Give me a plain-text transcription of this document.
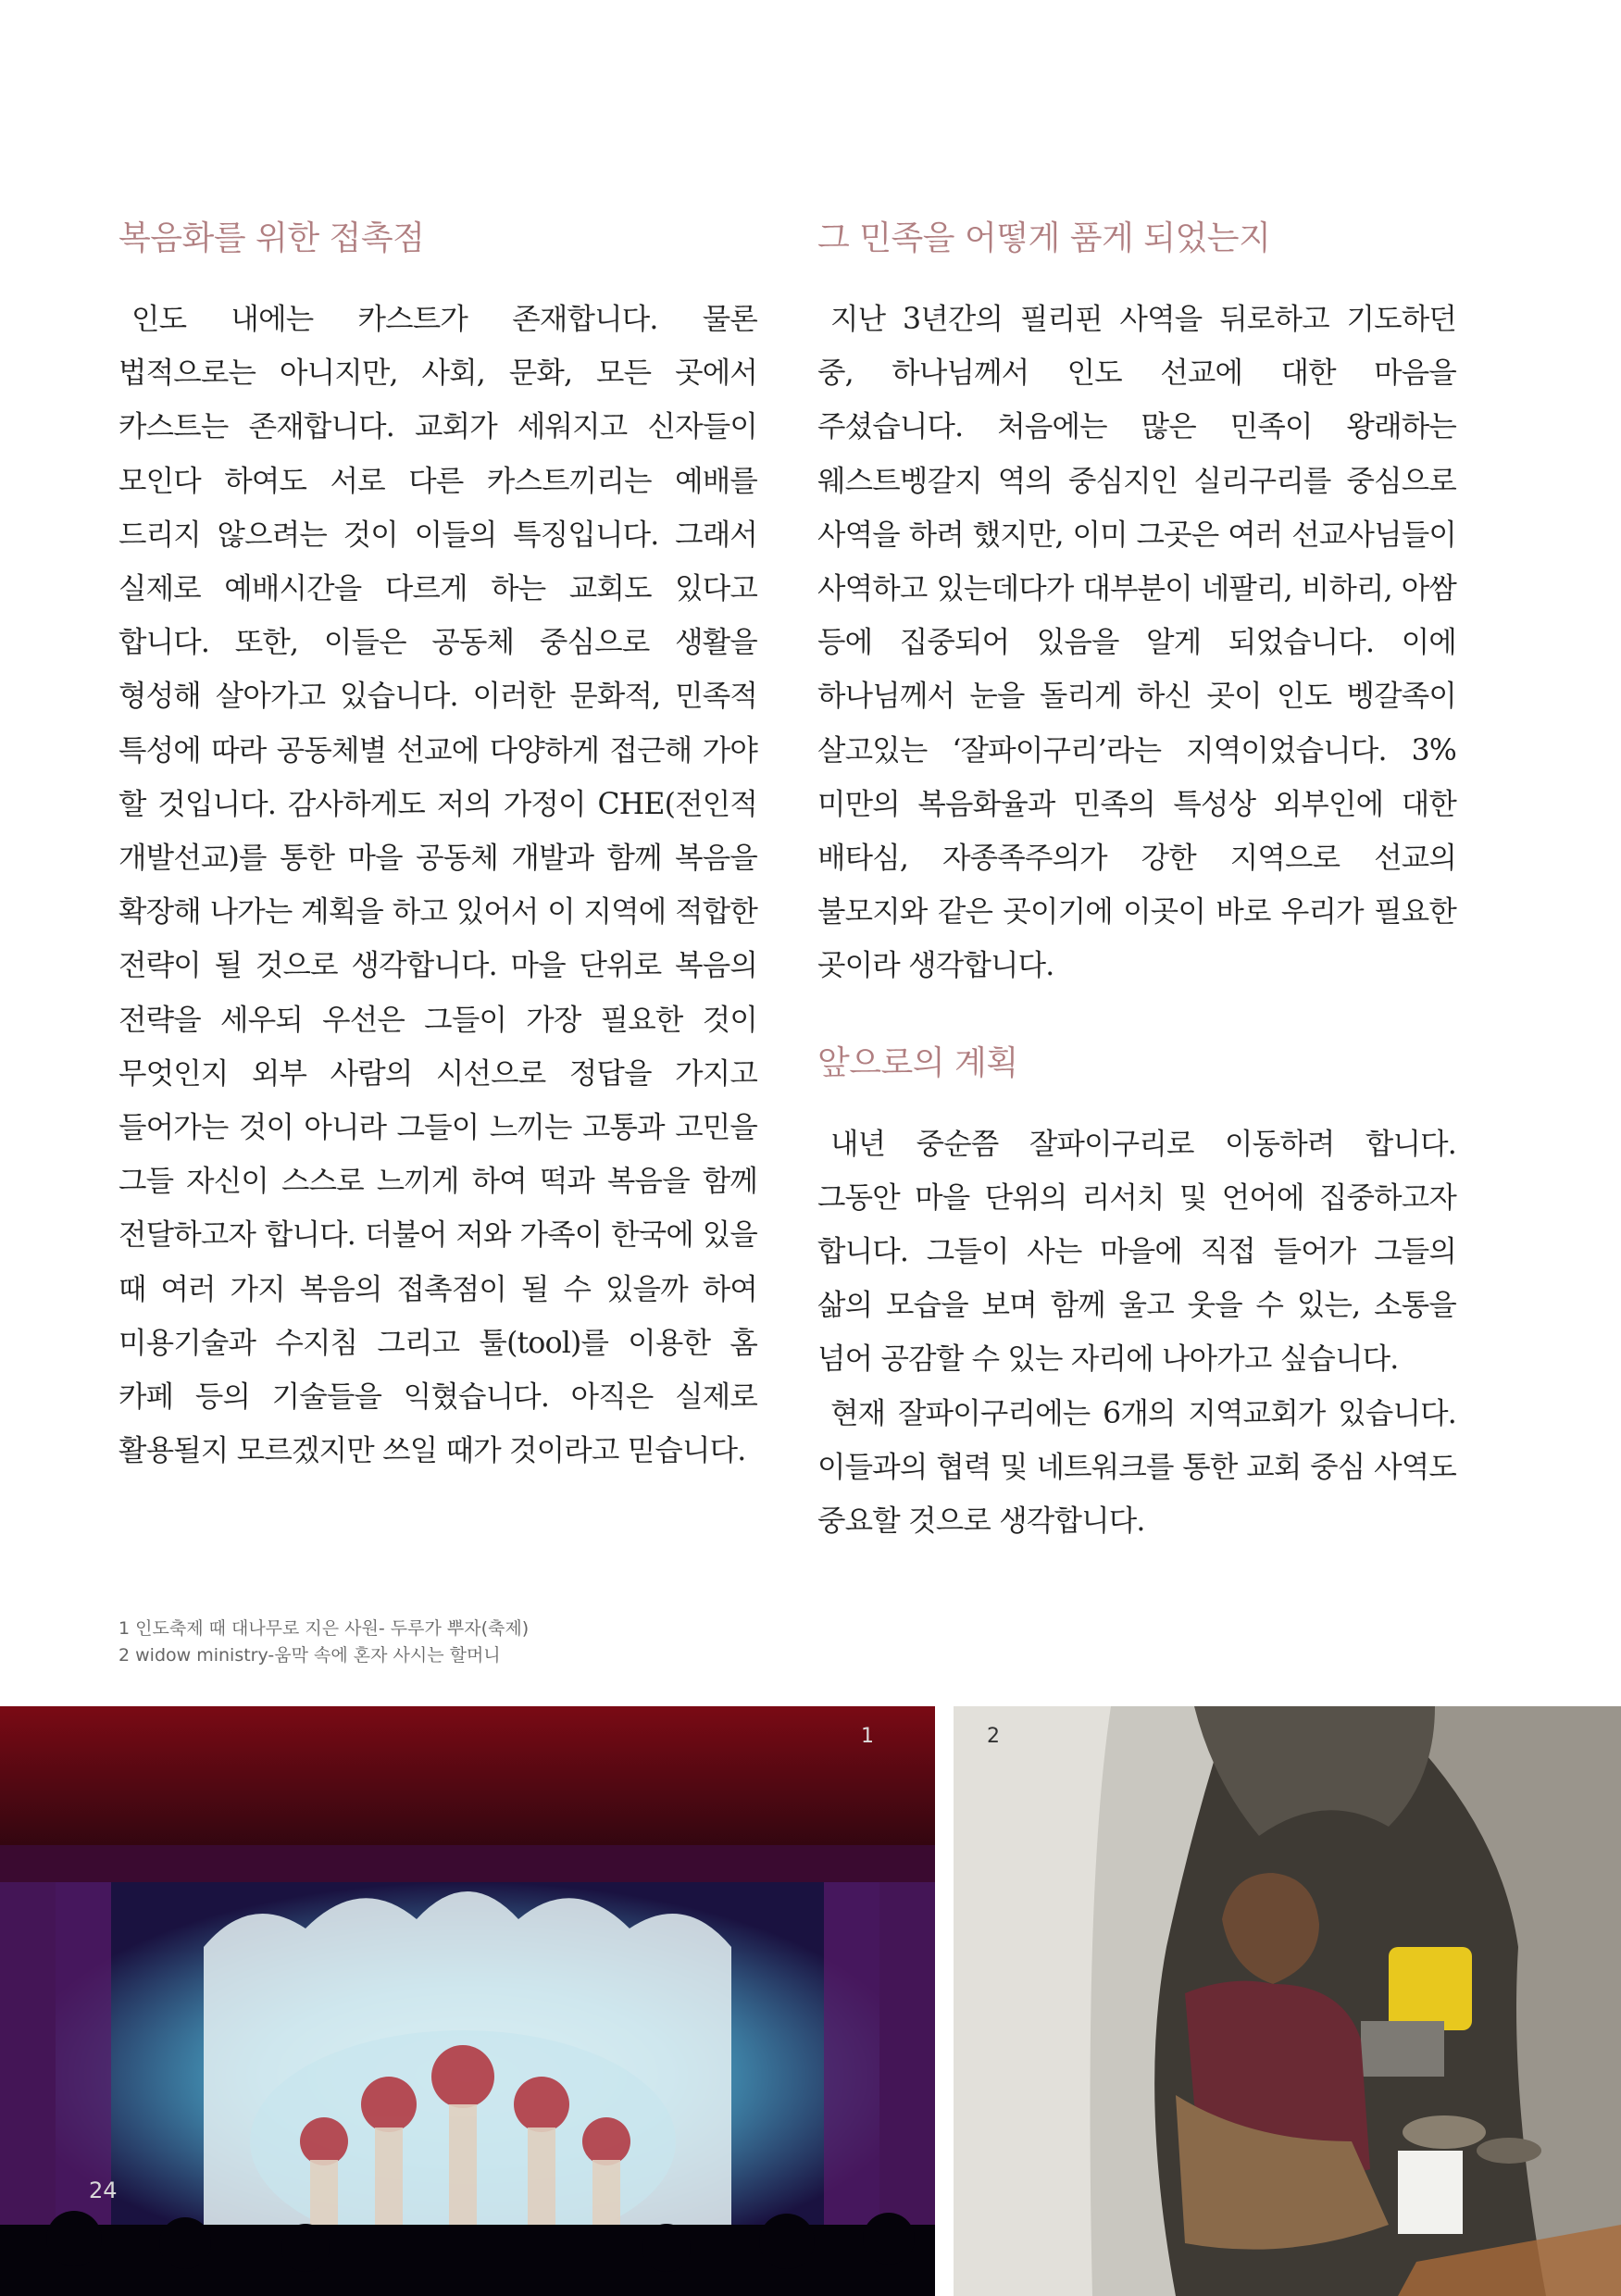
복음화를 위한 접촉점

인도 내에는 카스트가 존재합니다. 물론 법적으로는 아니지만, 사회, 문화, 모든 곳에서 카스트는 존재합니다. 교회가 세워지고 신자들이 모인다 하여도 서로 다른 카스트끼리는 예배를 드리지 않으려는 것이 이들의 특징입니다. 그래서 실제로 예배시간을 다르게 하는 교회도 있다고 합니다. 또한, 이들은 공동체 중심으로 생활을 형성해 살아가고 있습니다. 이러한 문화적, 민족적 특성에 따라 공동체별 선교에 다양하게 접근해 가야 할 것입니다. 감사하게도 저의 가정이 CHE(전인적 개발선교)를 통한 마을 공동체 개발과 함께 복음을 확장해 나가는 계획을 하고 있어서 이 지역에 적합한 전략이 될 것으로 생각합니다. 마을 단위로 복음의 전략을 세우되 우선은 그들이 가장 필요한 것이 무엇인지 외부 사람의 시선으로 정답을 가지고 들어가는 것이 아니라 그들이 느끼는 고통과 고민을 그들 자신이 스스로 느끼게 하여 떡과 복음을 함께 전달하고자 합니다. 더불어 저와 가족이 한국에 있을 때 여러 가지 복음의 접촉점이 될 수 있을까 하여 미용기술과 수지침 그리고 툴(tool)를 이용한 홈 카페 등의 기술들을 익혔습니다. 아직은 실제로 활용될지 모르겠지만 쓰일 때가 것이라고 믿습니다.

그 민족을 어떻게 품게 되었는지

지난 3년간의 필리핀 사역을 뒤로하고 기도하던 중, 하나님께서 인도 선교에 대한 마음을 주셨습니다. 처음에는 많은 민족이 왕래하는 웨스트벵갈지 역의 중심지인 실리구리를 중심으로 사역을 하려 했지만, 이미 그곳은 여러 선교사님들이 사역하고 있는데다가 대부분이 네팔리, 비하리, 아쌈 등에 집중되어 있음을 알게 되었습니다. 이에 하나님께서 눈을 돌리게 하신 곳이 인도 벵갈족이 살고있는 ‘잘파이구리’라는 지역이었습니다. 3% 미만의 복음화율과 민족의 특성상 외부인에 대한 배타심, 자종족주의가 강한 지역으로 선교의 불모지와 같은 곳이기에 이곳이 바로 우리가 필요한 곳이라 생각합니다.

앞으로의 계획

내년 중순쯤 잘파이구리로 이동하려 합니다. 그동안 마을 단위의 리서치 및 언어에 집중하고자 합니다. 그들이 사는 마을에 직접 들어가 그들의 삶의 모습을 보며 함께 울고 웃을 수 있는, 소통을 넘어 공감할 수 있는 자리에 나아가고 싶습니다.

현재 잘파이구리에는 6개의 지역교회가 있습니다. 이들과의 협력 및 네트워크를 통한 교회 중심 사역도 중요할 것으로 생각합니다.

1 인도축제 때 대나무로 지은 사원- 두루가 뿌자(축제)
2 widow ministry-움막 속에 혼자 사시는 할머니
1	2
24
